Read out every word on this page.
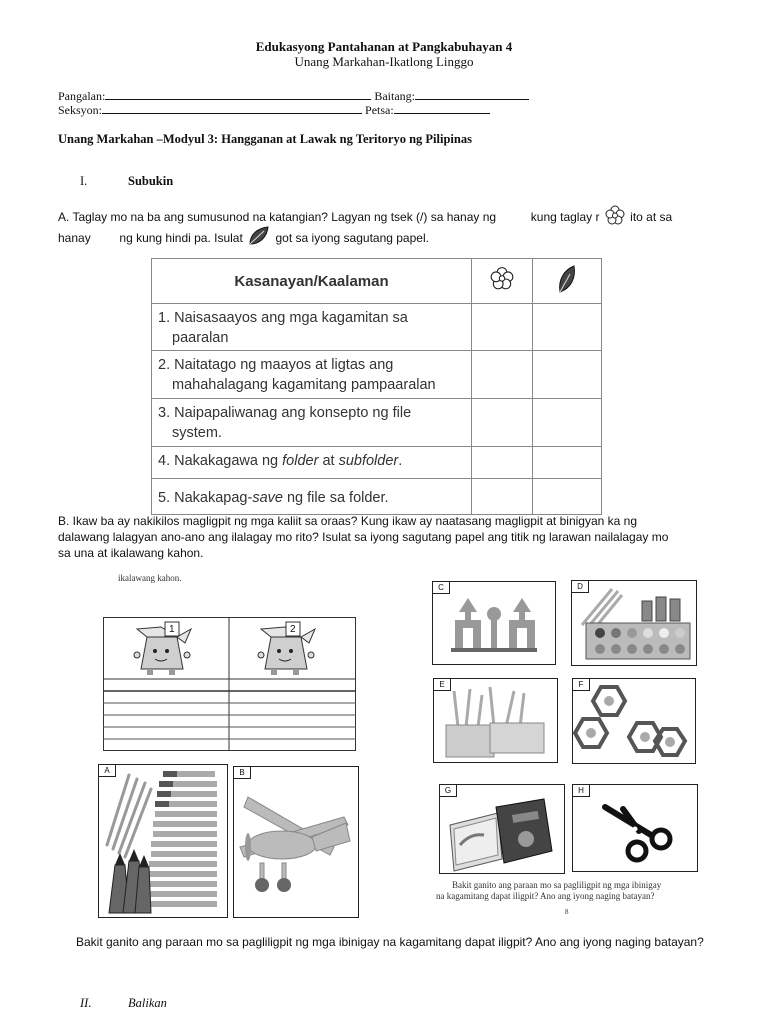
Edukasyong Pantahanan at Pangkabuhayan 4
Unang Markahan-Ikatlong Linggo
Pangalan:	Baitang:
Seksyon:	Petsa:
Unang Markahan –Modyul 3: Hangganan at Lawak ng Teritoryo ng Pilipinas
I.	Subukin
A. Taglay mo na ba ang sumusunod na katangian? Lagyan ng tsek (/) sa hanay ng	kung taglay r	ito at sa
hanay ng kung hindi pa. Isulat	got sa iyong sagutang papel.
Kasanayan/Kaalaman		

1. Naisasaayos ang mga kagamitan sa
paaralan		

2. Naitatago ng maayos at ligtas ang
mahahalagang kagamitang pampaaralan		

3. Naipapaliwanag ang konsepto ng file
system.		

4. Nakakagawa ng folder at subfolder.		
5. Nakakapag-save ng file sa folder.		
B. Ikaw ba ay nakikilos magligpit ng mga kaliit sa oraas? Kung ikaw ay naatasang magligpit at binigyan ka ng
dalawang lalagyan ano-ano ang ilalagay mo rito? Isulat sa iyong sagutang papel ang titik ng larawan nailalagay mo
sa una at ikalawang kahon.
ikalawang kahon.
1	2
A	B
C	D
E	F
G	H
Bakit ganito ang paraan mo sa pagliligpit ng mga ibinigay
na kagamitang dapat iligpit? Ano ang iyong naging batayan?
8
Bakit ganito ang paraan mo sa pagliligpit ng mga ibinigay na kagamitang dapat iligpit? Ano ang iyong naging batayan?
II.	Balikan
